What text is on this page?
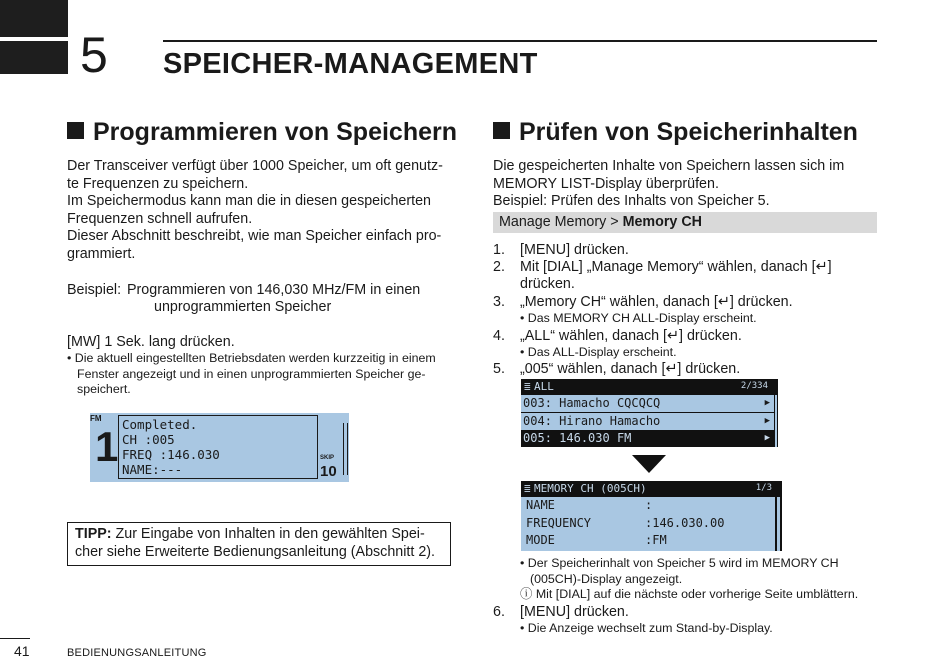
5 SPEICHER-MANAGEMENT
Programmieren von Speichern
Der Transceiver verfügt über 1000 Speicher, um oft genutz-
te Frequenzen zu speichern.
Im Speichermodus kann man die in diesen gespeicherten
Frequenzen schnell aufrufen.
Dieser Abschnitt beschreibt, wie man Speicher einfach pro-
grammiert.
Beispiel: Programmieren von 146,030 MHz/FM in einen
unprogrammierten Speicher
[MW] 1 Sek. lang drücken.
• Die aktuell eingestellten Betriebsdaten werden kurzzeitig in einem
Fenster angezeigt und in einen unprogrammierten Speicher ge-
speichert.
FM
1 Completed.
CH :005
FREQ :146.030
NAME:---
SKIP
10
TIPP: Zur Eingabe von Inhalten in den gewählten Spei-
cher siehe Erweiterte Bedienungsanleitung (Abschnitt 2).
Prüfen von Speicherinhalten
Die gespeicherten Inhalte von Speichern lassen sich im
MEMORY LIST-Display überprüfen.
Beispiel: Prüfen des Inhalts von Speicher 5.
Manage Memory > Memory CH
1. [MENU] drücken.
2. Mit [DIAL] „Manage Memory“ wählen, danach [↵]
drücken.
3. „Memory CH“ wählen, danach [↵] drücken.
• Das MEMORY CH ALL-Display erscheint.
4. „ALL“ wählen, danach [↵] drücken.
• Das ALL-Display erscheint.
5. „005“ wählen, danach [↵] drücken.
≣ ALL	2/334
003: Hamacho CQCQCQ	▶
004: Hirano Hamacho	▶
005: 146.030 FM	▶
≣ MEMORY CH (005CH)	1/3
NAME	:
FREQUENCY	:146.030.00
MODE	:FM
• Der Speicherinhalt von Speicher 5 wird im MEMORY CH
(005CH)-Display angezeigt.
ⓘ Mit [DIAL] auf die nächste oder vorherige Seite umblättern.
6. [MENU] drücken.
• Die Anzeige wechselt zum Stand-by-Display.
41	BEDIENUNGSANLEITUNG
